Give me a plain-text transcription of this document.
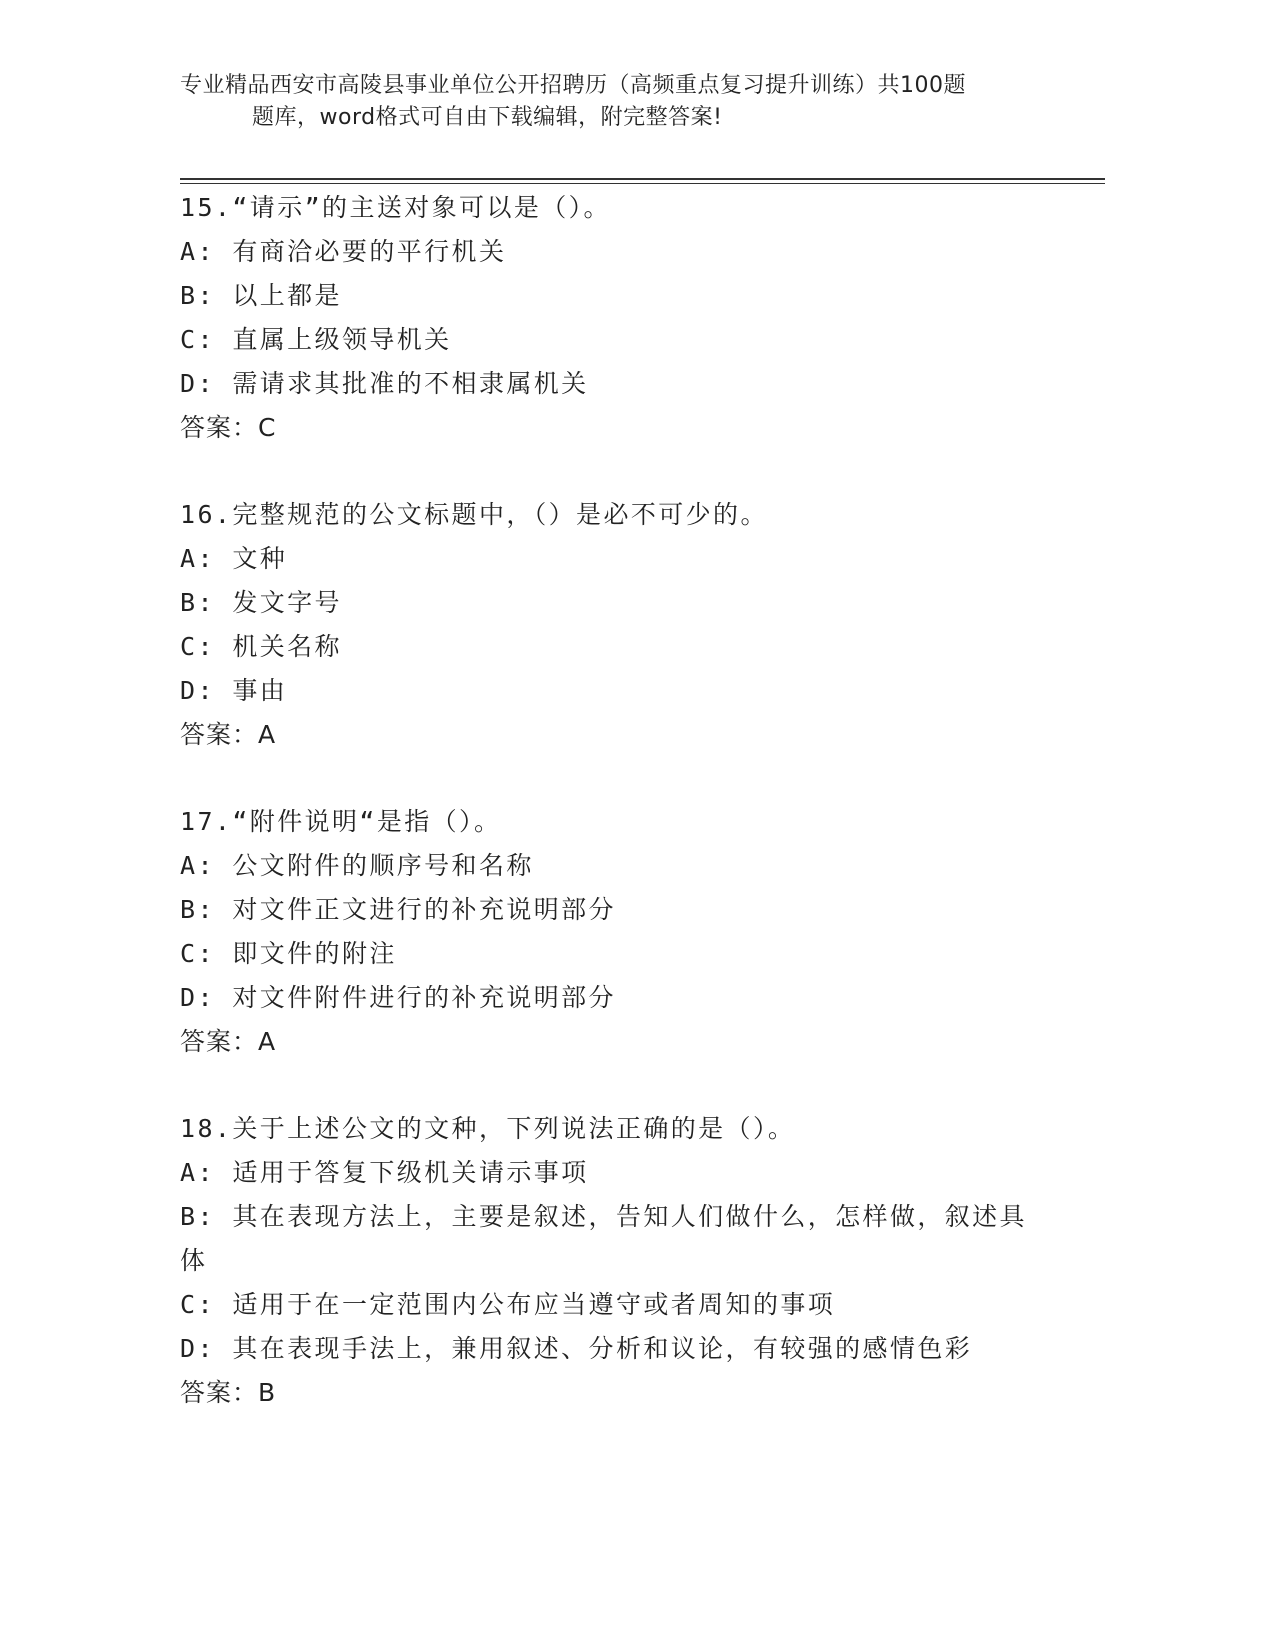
专业精品西安市高陵县事业单位公开招聘历（高频重点复习提升训练）共100题
题库，word格式可自由下载编辑，附完整答案!
15.“请示”的主送对象可以是（）。
A: 有商洽必要的平行机关
B: 以上都是
C: 直属上级领导机关
D: 需请求其批准的不相隶属机关
答案：C
16.完整规范的公文标题中，（）是必不可少的。
A: 文种
B: 发文字号
C: 机关名称
D: 事由
答案：A
17.“附件说明“是指（）。
A: 公文附件的顺序号和名称
B: 对文件正文进行的补充说明部分
C: 即文件的附注
D: 对文件附件进行的补充说明部分
答案：A
18.关于上述公文的文种，下列说法正确的是（）。
A: 适用于答复下级机关请示事项
B: 其在表现方法上，主要是叙述，告知人们做什么，怎样做，叙述具体
C: 适用于在一定范围内公布应当遵守或者周知的事项
D: 其在表现手法上，兼用叙述、分析和议论，有较强的感情色彩
答案：B
